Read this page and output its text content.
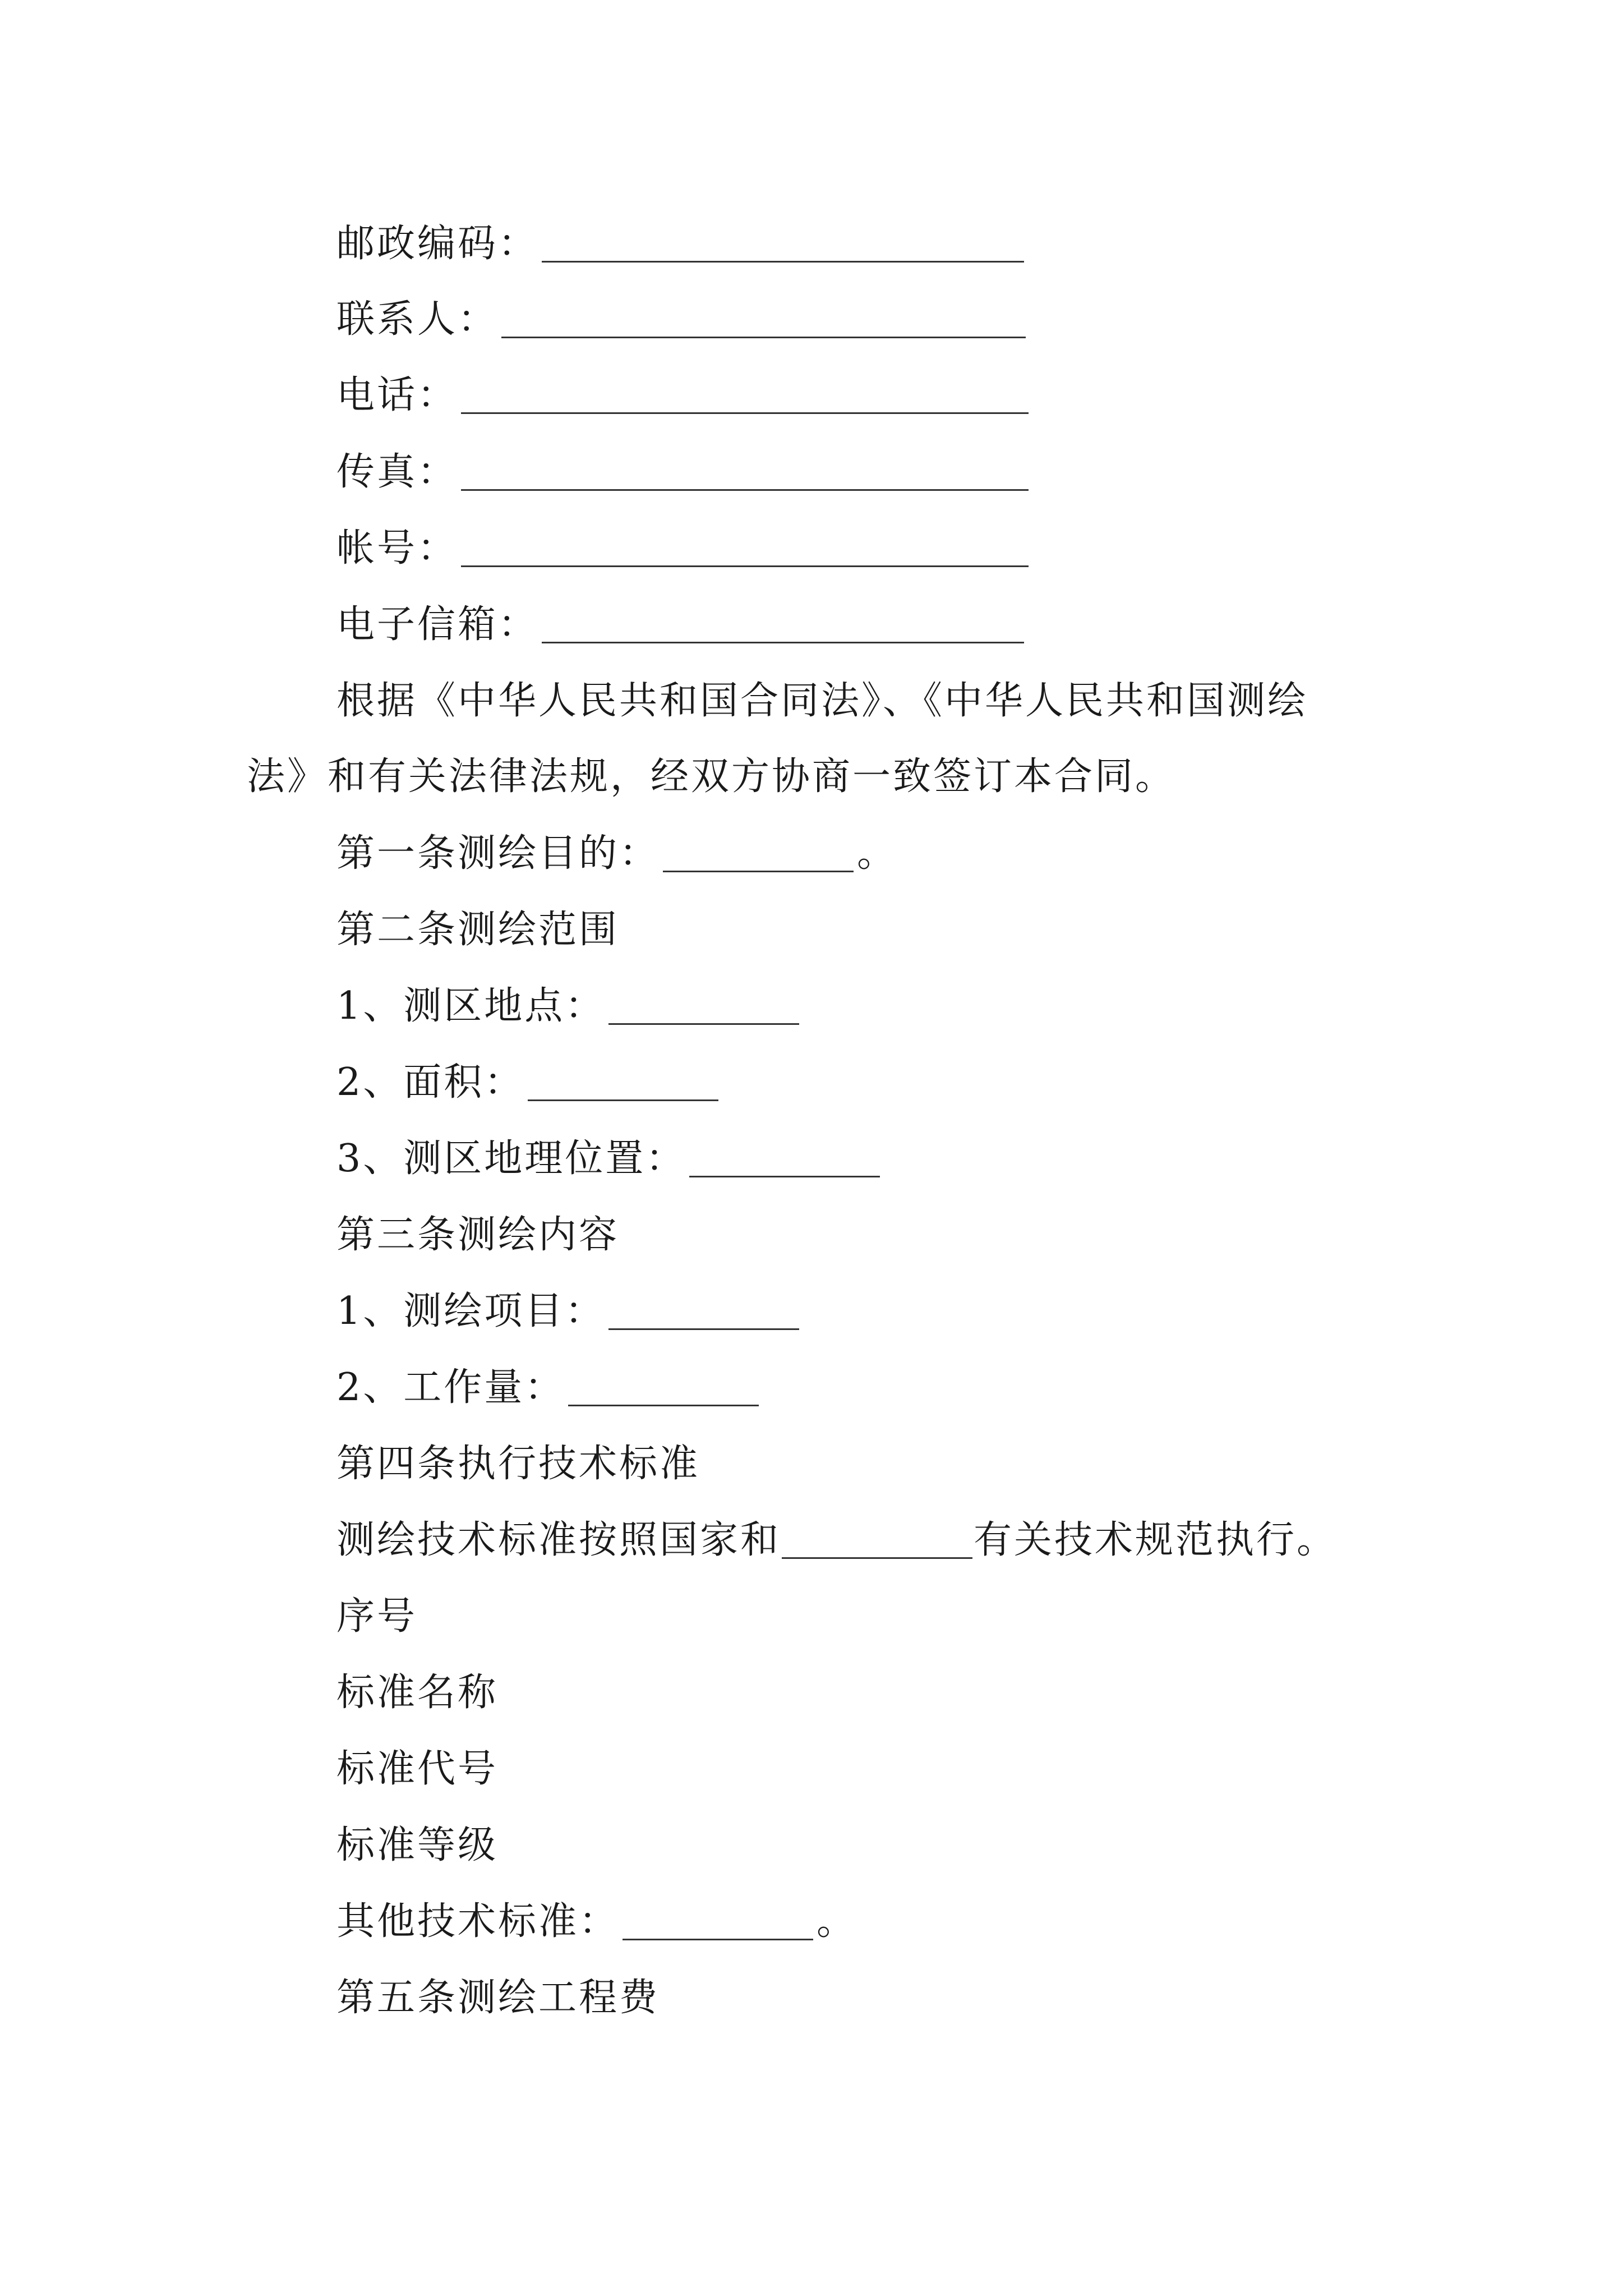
邮政编码：
联系人：
电话：
传真：
帐号：
电子信箱：
根据《中华人民共和国合同法》、《中华人民共和国测绘
法》和有关法律法规，经双方协商一致签订本合同。
第一条测绘目的：	。
第二条测绘范围
1、测区地点：
2、面积：
3、测区地理位置：
第三条测绘内容
1、测绘项目：
2、工作量：
第四条执行技术标准
测绘技术标准按照国家和	有关技术规范执行。
序号
标准名称
标准代号
标准等级
其他技术标准：	。
第五条测绘工程费
